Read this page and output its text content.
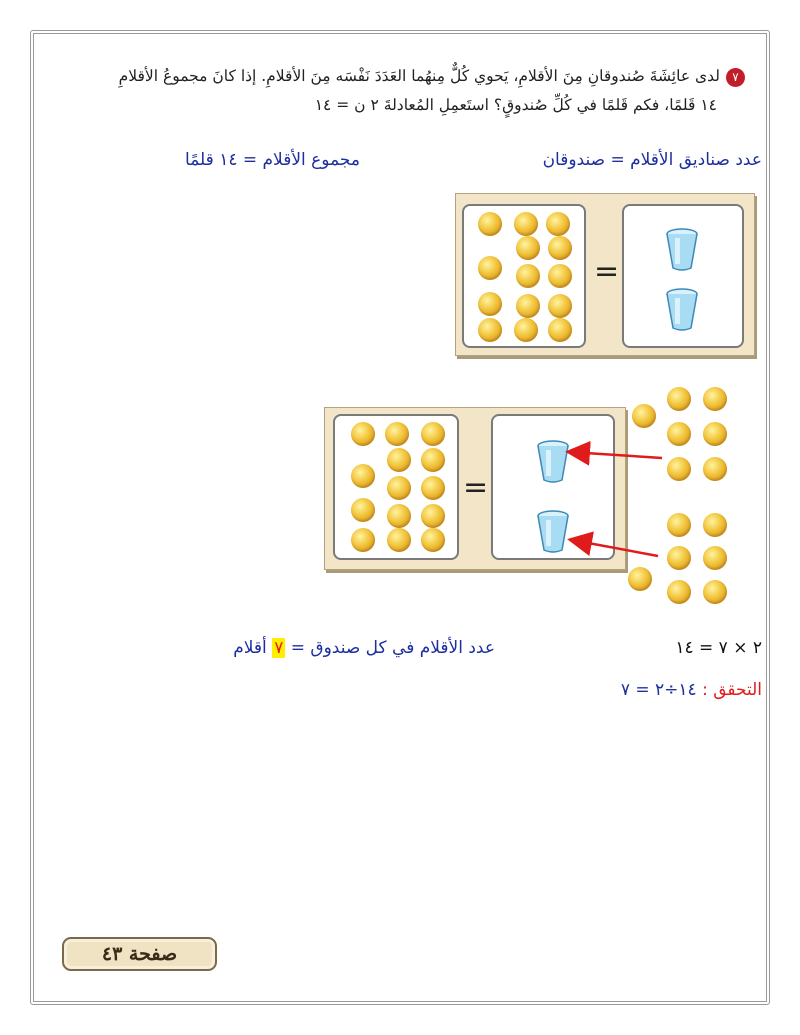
٧لدى عائِشَةَ صُندوقانِ مِنَ الأقلامِ، يَحوي كُلٌّ مِنهُما العَدَدَ نَفْسَه مِنَ الأقلامِ. إذا كانَ مجموعُ الأقلامِ
١٤ قَلمًا، فكم قَلمًا في كُلِّ صُندوقٍ؟ استَعمِلِ المُعادلةَ ٢ ن = ١٤
عدد صناديق الأقلام = صندوقان
مجموع الأقلام = ١٤ قلمًا
=
=
٢ × ٧ = ١٤
عدد الأقلام في كل صندوق = ٧ أقلام
التحقق : ١٤÷٢ = ٧
صفحة ٤٣
